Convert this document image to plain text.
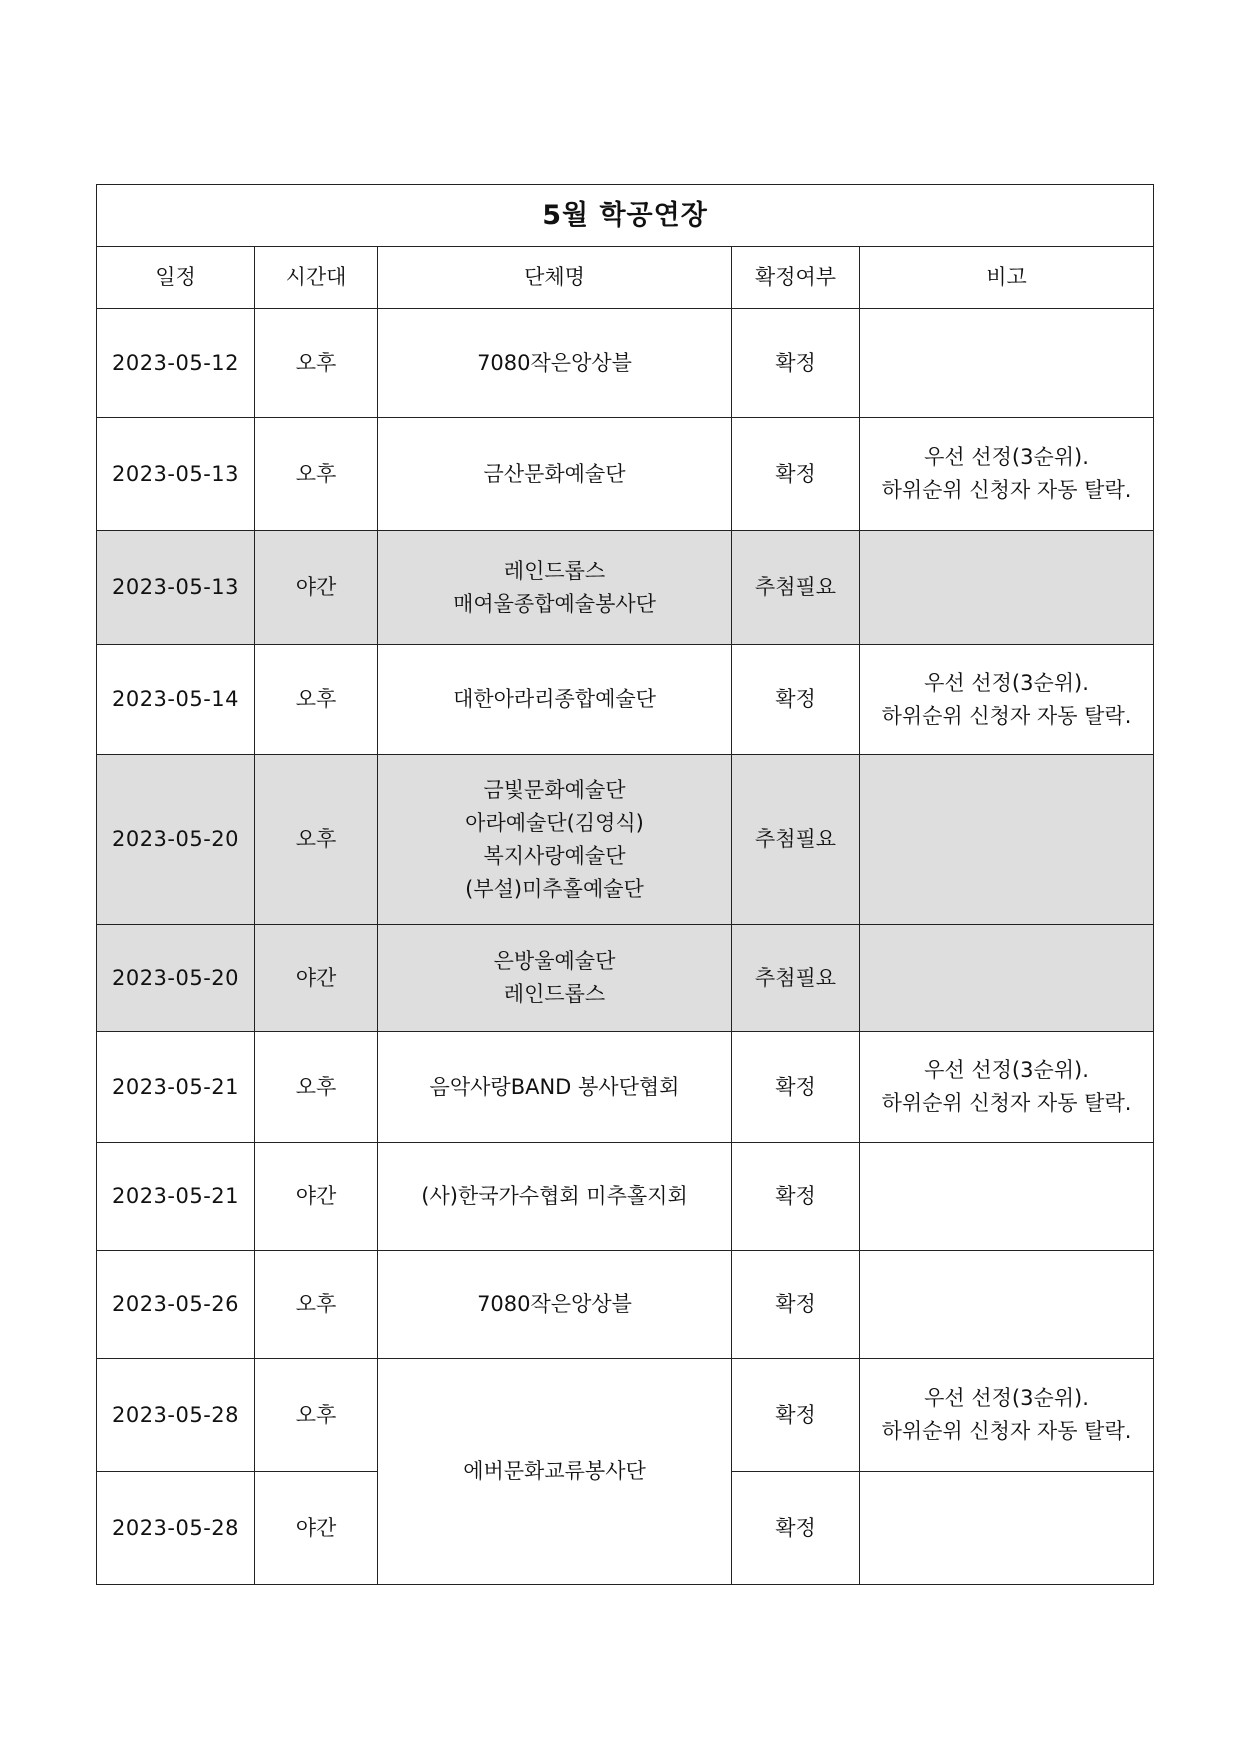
5월 학공연장				
일정	시간대	단체명	확정여부	비고
2023-05-12	오후	7080작은앙상블	확정	
2023-05-13	오후	금산문화예술단	확정	우선 선정(3순위).
하위순위 신청자 자동 탈락.

2023-05-13	야간	레인드롭스
매여울종합예술봉사단	추첨필요	
2023-05-14	오후	대한아라리종합예술단	확정	우선 선정(3순위).
하위순위 신청자 자동 탈락.

2023-05-20	오후	금빛문화예술단
아라예술단(김영식)
복지사랑예술단
(부설)미추홀예술단	추첨필요	
2023-05-20	야간	은방울예술단
레인드롭스	추첨필요	
2023-05-21	오후	음악사랑BAND 봉사단협회	확정	우선 선정(3순위).
하위순위 신청자 자동 탈락.

2023-05-21	야간	(사)한국가수협회 미추홀지회	확정	
2023-05-26	오후	7080작은앙상블	확정	
2023-05-28	오후	에버문화교류봉사단	확정	우선 선정(3순위).
하위순위 신청자 자동 탈락.

2023-05-28	야간		확정	
